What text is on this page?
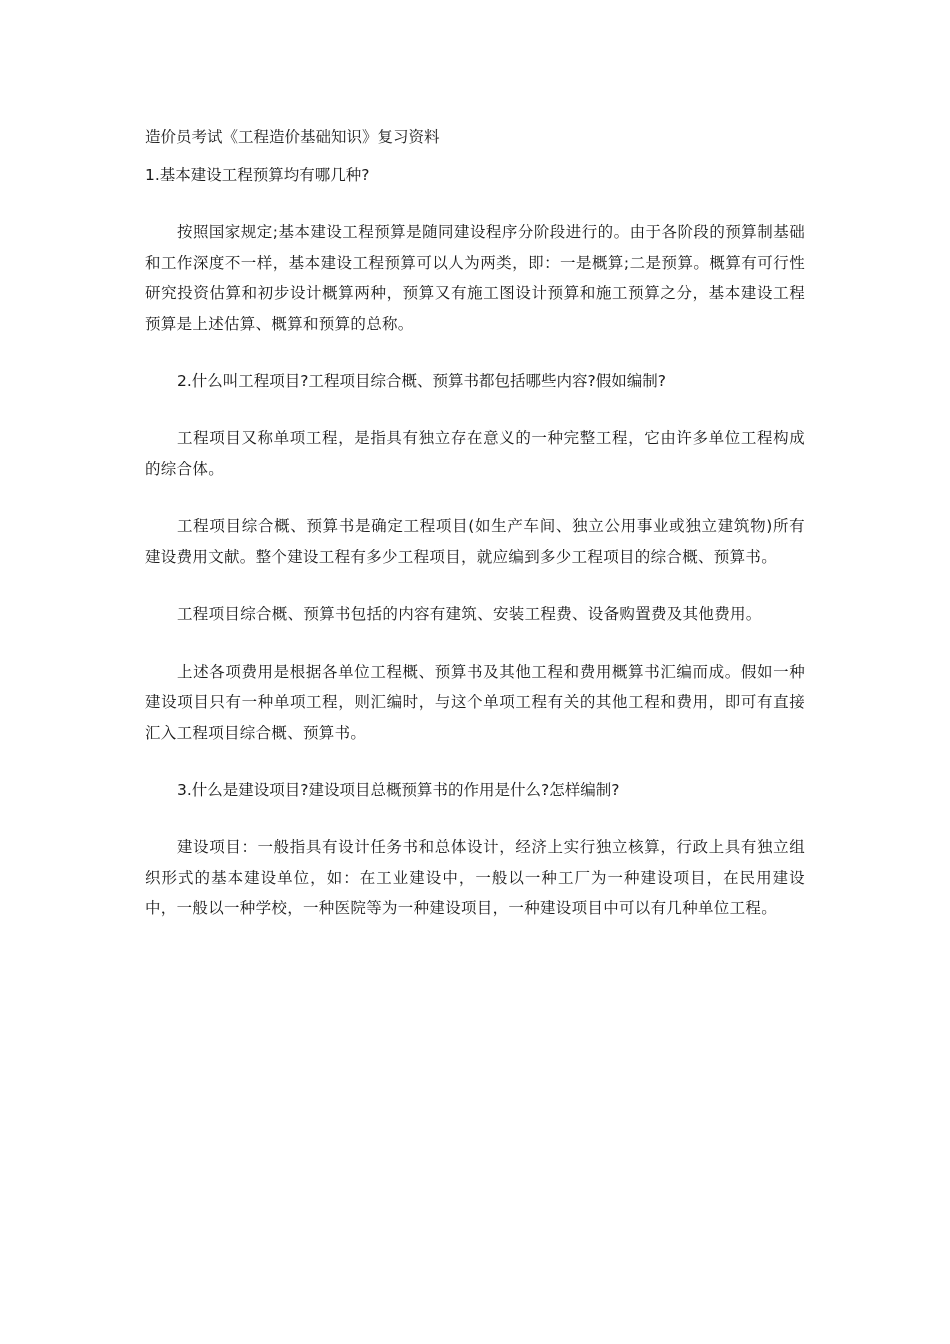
造价员考试《工程造价基础知识》复习资料
1.基本建设工程预算均有哪几种?

按照国家规定;基本建设工程预算是随同建设程序分阶段进行的。由于各阶段的预算制基础和工作深度不一样，基本建设工程预算可以人为两类，即：一是概算;二是预算。概算有可行性研究投资估算和初步设计概算两种，预算又有施工图设计预算和施工预算之分，基本建设工程预算是上述估算、概算和预算的总称。

2.什么叫工程项目?工程项目综合概、预算书都包括哪些内容?假如编制?

工程项目又称单项工程，是指具有独立存在意义的一种完整工程，它由许多单位工程构成的综合体。

工程项目综合概、预算书是确定工程项目(如生产车间、独立公用事业或独立建筑物)所有建设费用文献。整个建设工程有多少工程项目，就应编到多少工程项目的综合概、预算书。

工程项目综合概、预算书包括的内容有建筑、安装工程费、设备购置费及其他费用。

上述各项费用是根据各单位工程概、预算书及其他工程和费用概算书汇编而成。假如一种建设项目只有一种单项工程，则汇编时，与这个单项工程有关的其他工程和费用，即可有直接汇入工程项目综合概、预算书。

3.什么是建设项目?建设项目总概预算书的作用是什么?怎样编制?

建设项目：一般指具有设计任务书和总体设计，经济上实行独立核算，行政上具有独立组织形式的基本建设单位，如：在工业建设中，一般以一种工厂为一种建设项目，在民用建设中，一般以一种学校，一种医院等为一种建设项目，一种建设项目中可以有几种单位工程。
